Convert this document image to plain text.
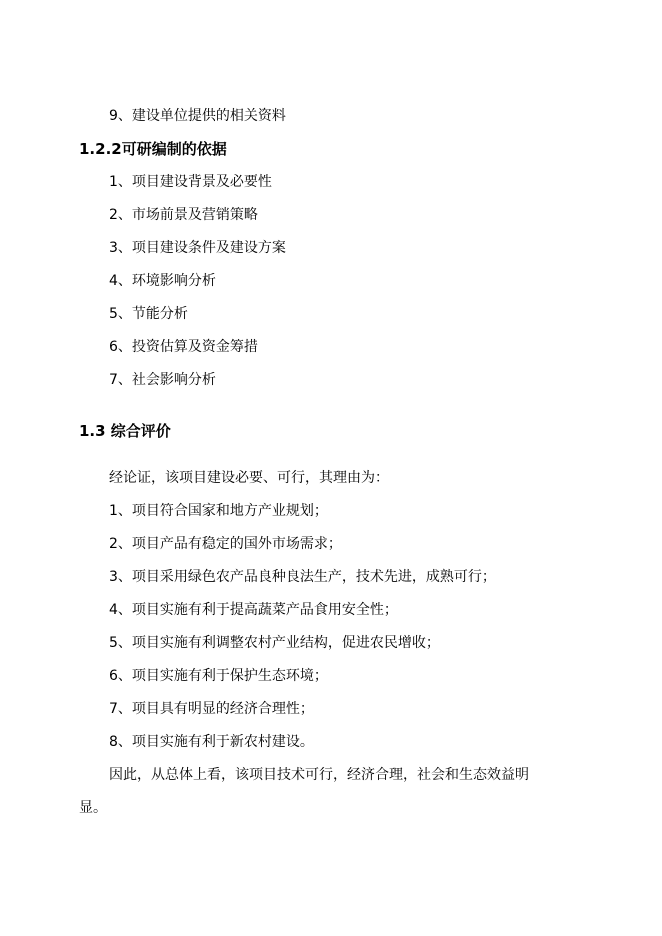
9、建设单位提供的相关资料
1.2.2可研编制的依据
1、项目建设背景及必要性
2、市场前景及营销策略
3、项目建设条件及建设方案
4、环境影响分析
5、节能分析
6、投资估算及资金筹措
7、社会影响分析
1.3 综合评价
经论证，该项目建设必要、可行，其理由为：
1、项目符合国家和地方产业规划；
2、项目产品有稳定的国外市场需求；
3、项目采用绿色农产品良种良法生产，技术先进，成熟可行；
4、项目实施有利于提高蔬菜产品食用安全性；
5、项目实施有利调整农村产业结构，促进农民增收；
6、项目实施有利于保护生态环境；
7、项目具有明显的经济合理性；
8、项目实施有利于新农村建设。
因此，从总体上看，该项目技术可行，经济合理，社会和生态效益明
显。
